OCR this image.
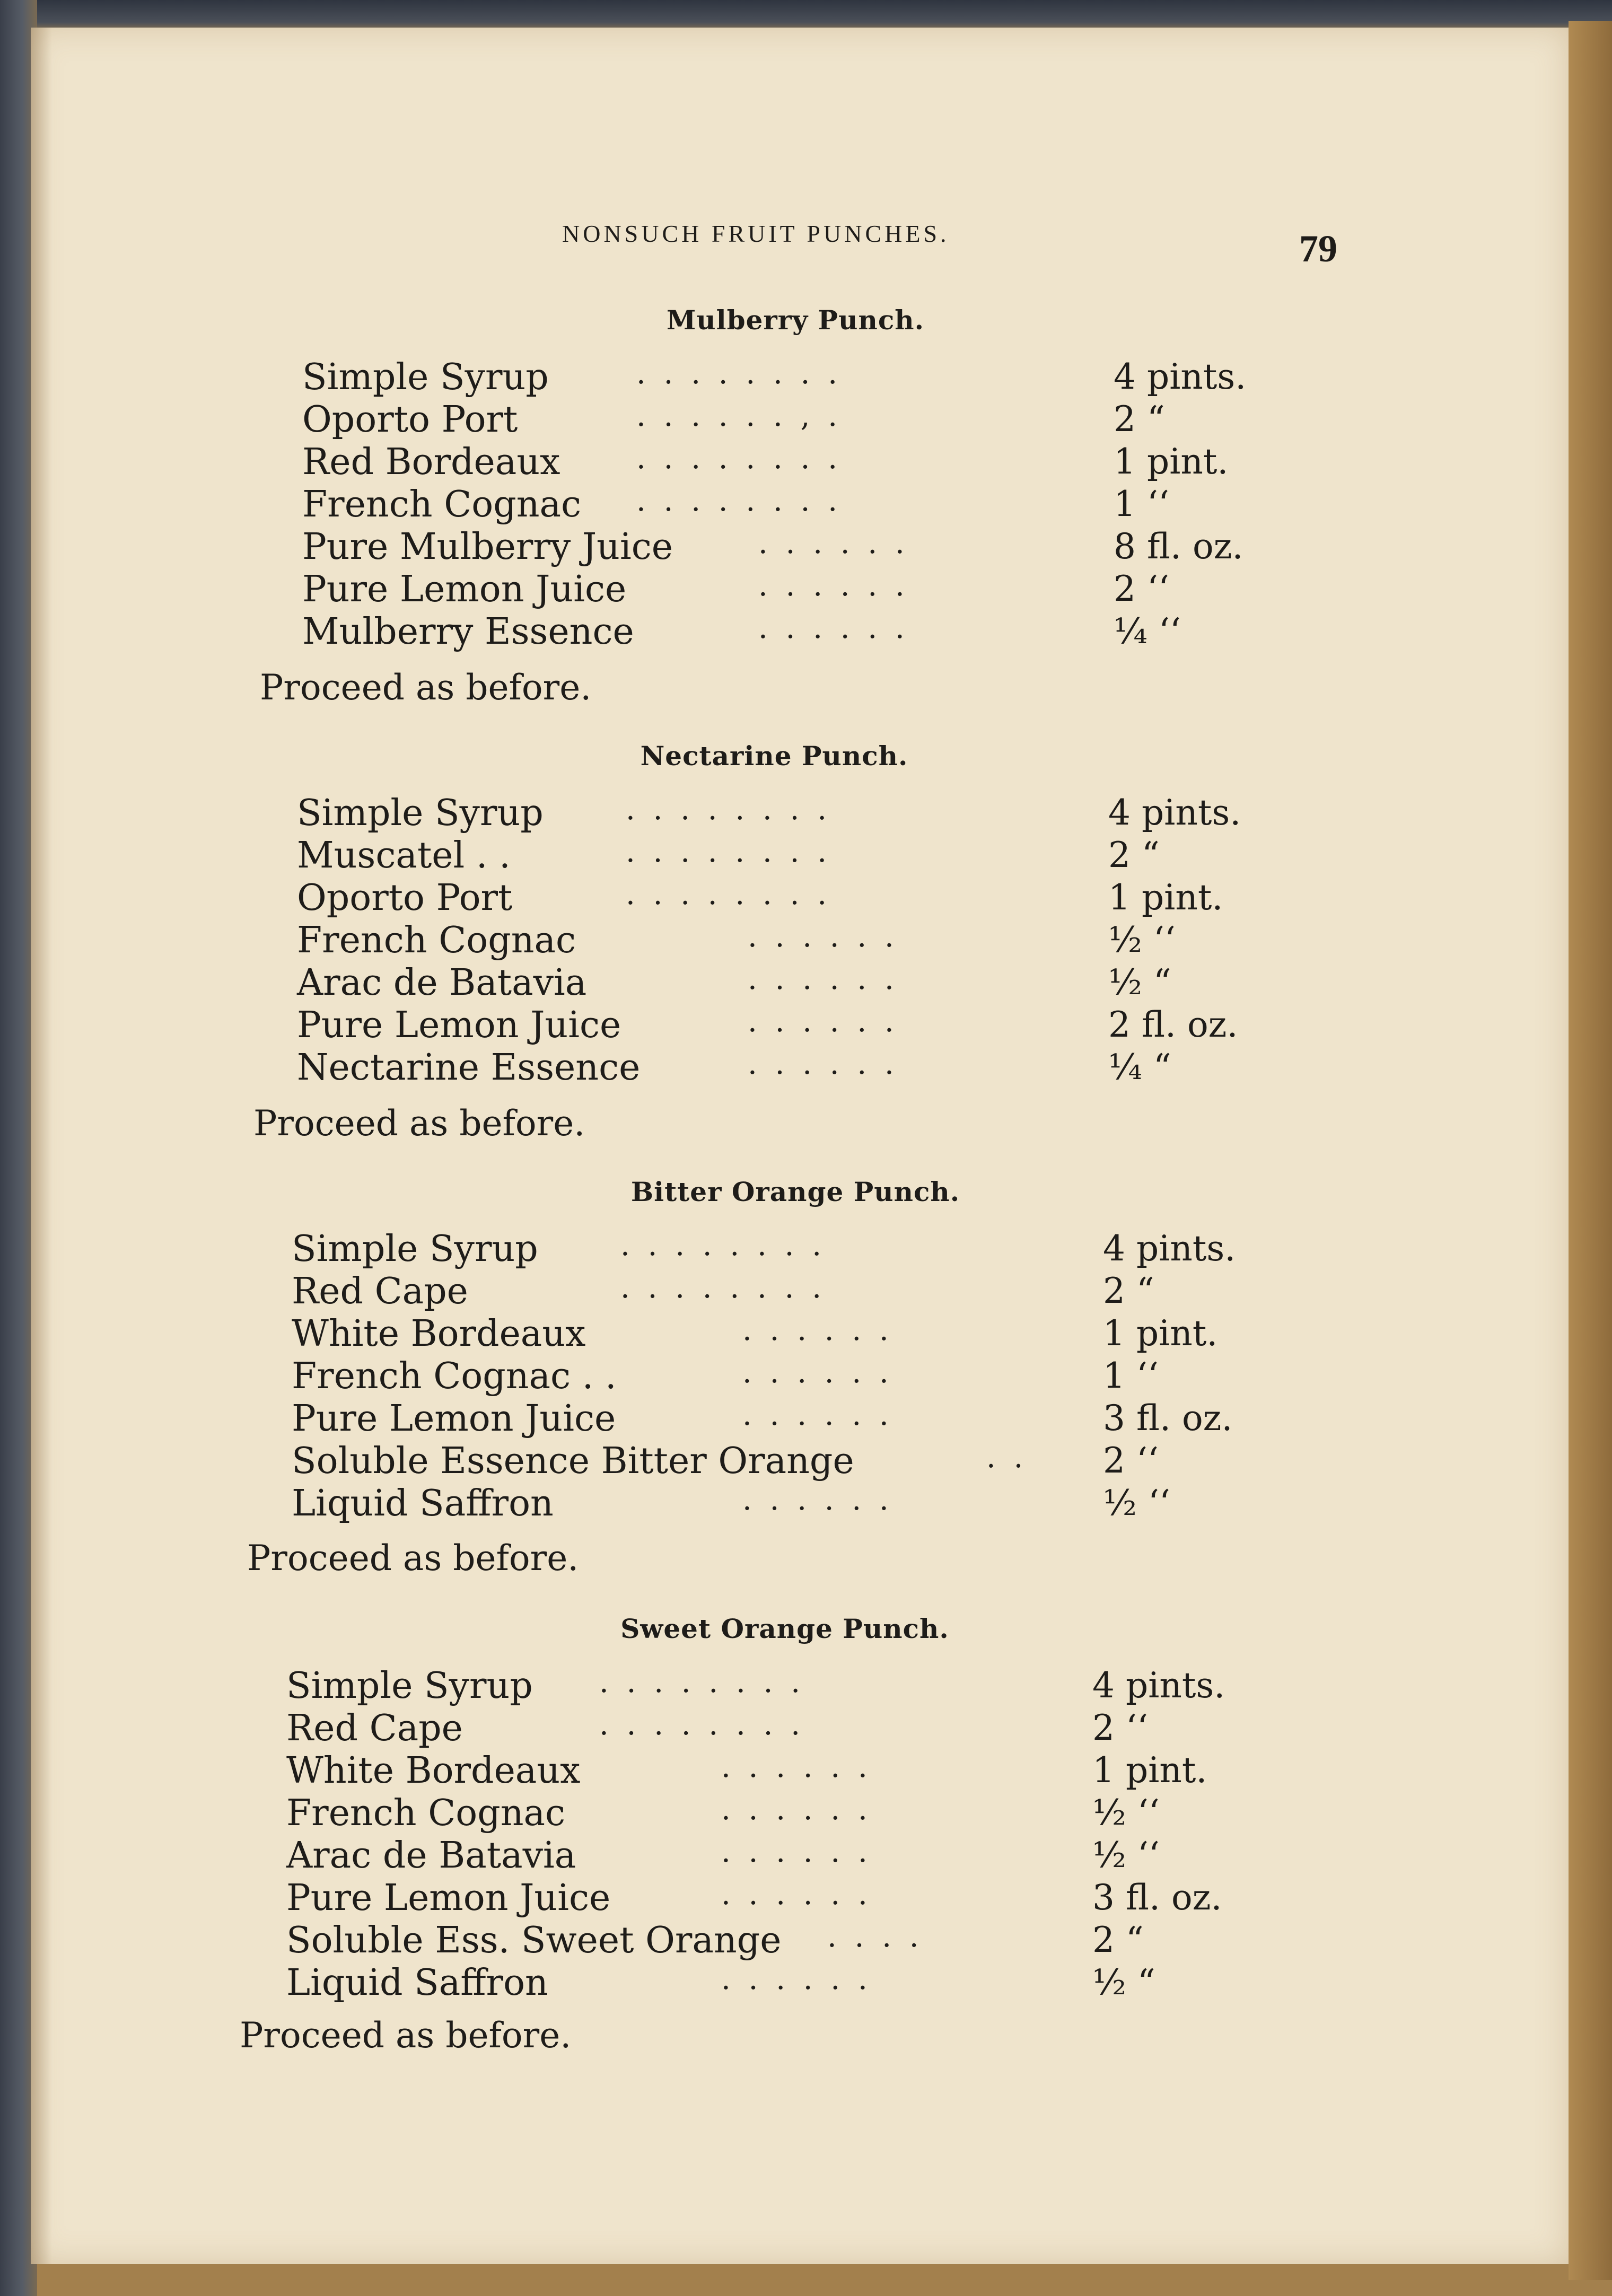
NONSUCH FRUIT PUNCHES.	79
Mulberry Punch.
Simple Syrup	. . . . . . . .	4 pints.
Oporto Port	. . . . . . , .	2 “
Red Bordeaux	. . . . . . . .	1 pint.
French Cognac . . . . . . . .	1 ‘‘
Pure Mulberry Juice	. . . . . .	8 fl. oz.
Pure Lemon Juice	. . . . . .	2 ‘‘
Mulberry Essence	. . . . . .	¼ ‘‘
Proceed as before.
Nectarine Punch.
Simple Syrup	. . . . . . . .	4 pints.
Muscatel . .	. . . . . . . .	2 “
Oporto Port	. . . . . . . .	1 pint.
French Cognac	. . . . . .	½ ‘‘
Arac de Batavia	. . . . . .	½ “
Pure Lemon Juice	. . . . . .	2 fl. oz.
Nectarine Essence	. . . . . .	¼ “
Proceed as before.
Bitter Orange Punch.
Simple Syrup	. . . . . . . .	4 pints.
Red Cape	. . . . . . . .	2 “
White Bordeaux	. . . . . .	1 pint.
French Cognac . .	. . . . . .	1 ‘‘
Pure Lemon Juice	. . . . . .	3 fl. oz.
Soluble Essence Bitter Orange	. . 2 ‘‘
Liquid Saffron	. . . . . .	½ ‘‘
Proceed as before.
Sweet Orange Punch.
Simple Syrup . . . . . . . .	4 pints.
Red Cape	. . . . . . . .	2 ‘‘
White Bordeaux	. . . . . .	1 pint.
French Cognac	. . . . . .	½ ‘‘
Arac de Batavia	. . . . . .	½ ‘‘
Pure Lemon Juice	. . . . . .	3 fl. oz.
Soluble Ess. Sweet Orange . . . .	2 “
Liquid Saffron	. . . . . .	½ “
Proceed as before.
